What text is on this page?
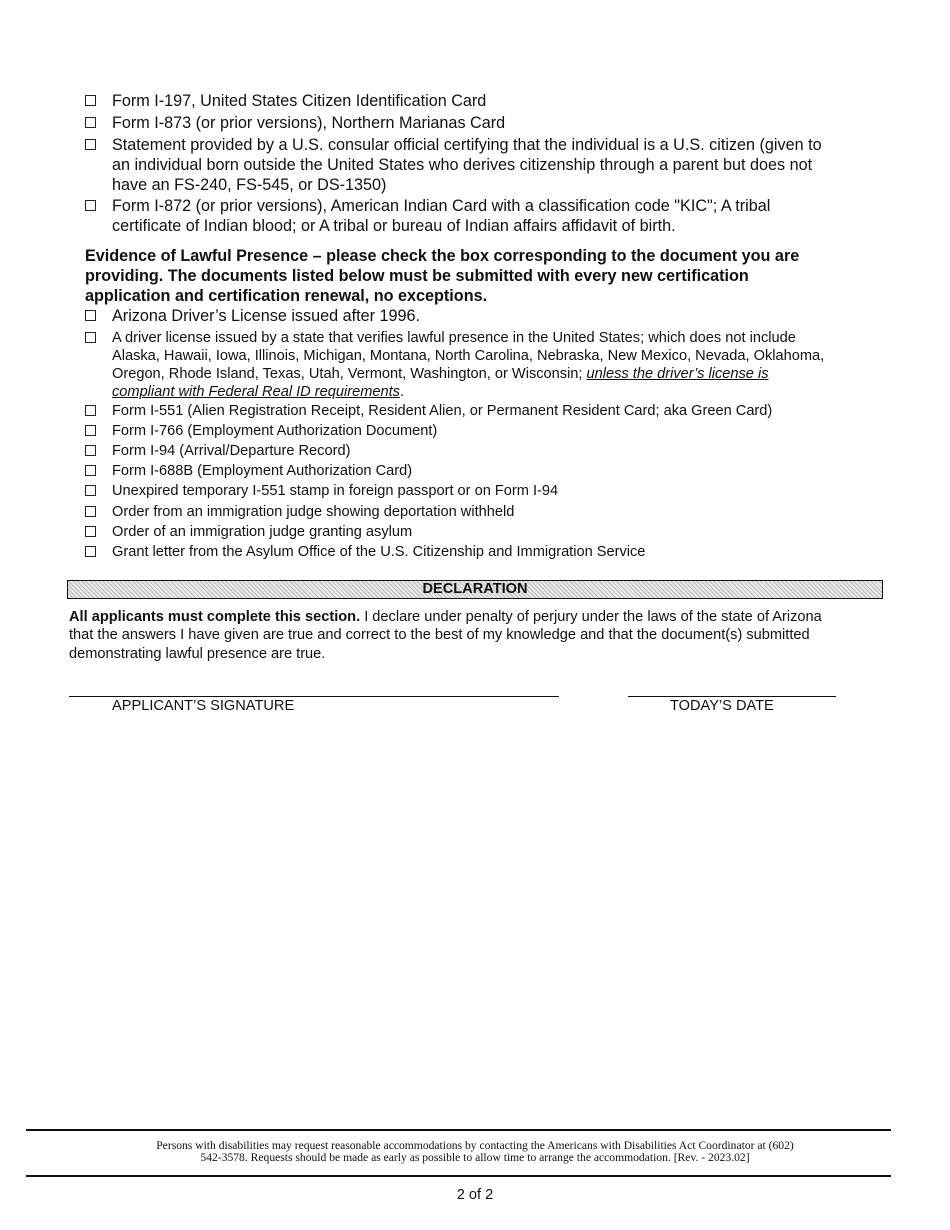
Form I-197, United States Citizen Identification Card
Form I-873 (or prior versions), Northern Marianas Card
Statement provided by a U.S. consular official certifying that the individual is a U.S. citizen (given to
an individual born outside the United States who derives citizenship through a parent but does not
have an FS-240, FS-545, or DS-1350)
Form I-872 (or prior versions), American Indian Card with a classification code "KIC"; A tribal
certificate of Indian blood; or A tribal or bureau of Indian affairs affidavit of birth.
Evidence of Lawful Presence – please check the box corresponding to the document you are
providing. The documents listed below must be submitted with every new certification
application and certification renewal, no exceptions.
Arizona Driver’s License issued after 1996.
A driver license issued by a state that verifies lawful presence in the United States; which does not include
Alaska, Hawaii, Iowa, Illinois, Michigan, Montana, North Carolina, Nebraska, New Mexico, Nevada, Oklahoma,
Oregon, Rhode Island, Texas, Utah, Vermont, Washington, or Wisconsin; unless the driver’s license is
compliant with Federal Real ID requirements.
Form I-551 (Alien Registration Receipt, Resident Alien, or Permanent Resident Card; aka Green Card)
Form I-766 (Employment Authorization Document)
Form I-94 (Arrival/Departure Record)
Form I-688B (Employment Authorization Card)
Unexpired temporary I-551 stamp in foreign passport or on Form I-94
Order from an immigration judge showing deportation withheld
Order of an immigration judge granting asylum
Grant letter from the Asylum Office of the U.S. Citizenship and Immigration Service
DECLARATION
All applicants must complete this section. I declare under penalty of perjury under the laws of the state of Arizona
that the answers I have given are true and correct to the best of my knowledge and that the document(s) submitted
demonstrating lawful presence are true.
APPLICANT’S SIGNATURE	TODAY’S DATE
Persons with disabilities may request reasonable accommodations by contacting the Americans with Disabilities Act Coordinator at (602)
542-3578. Requests should be made as early as possible to allow time to arrange the accommodation. [Rev. - 2023.02]
2 of 2
